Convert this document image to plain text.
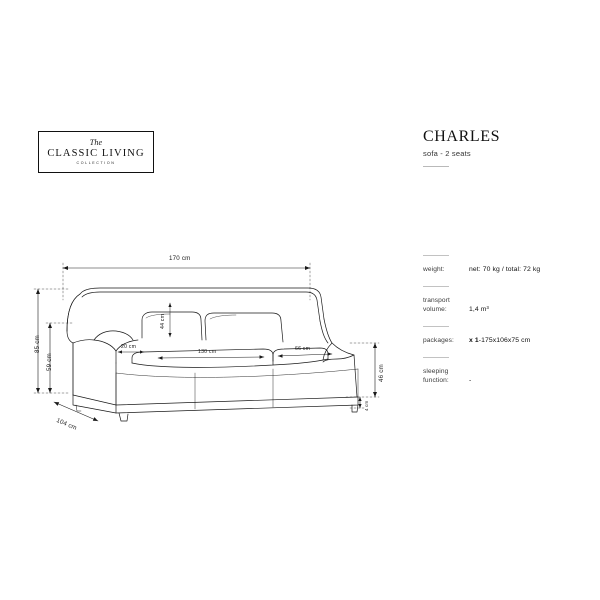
The
CLASSIC LIVING
COLLECTION
CHARLES
sofa - 2 seats
weight:	net: 70 kg / total: 72 kg
transport
volume:	1,4 m³
packages:	x 1-175x106x75 cm
sleeping
function:	-
170 cm
85 cm
59 cm
104 cm
46 cm
4 cm
44 cm
20 cm
130 cm	66 cm
